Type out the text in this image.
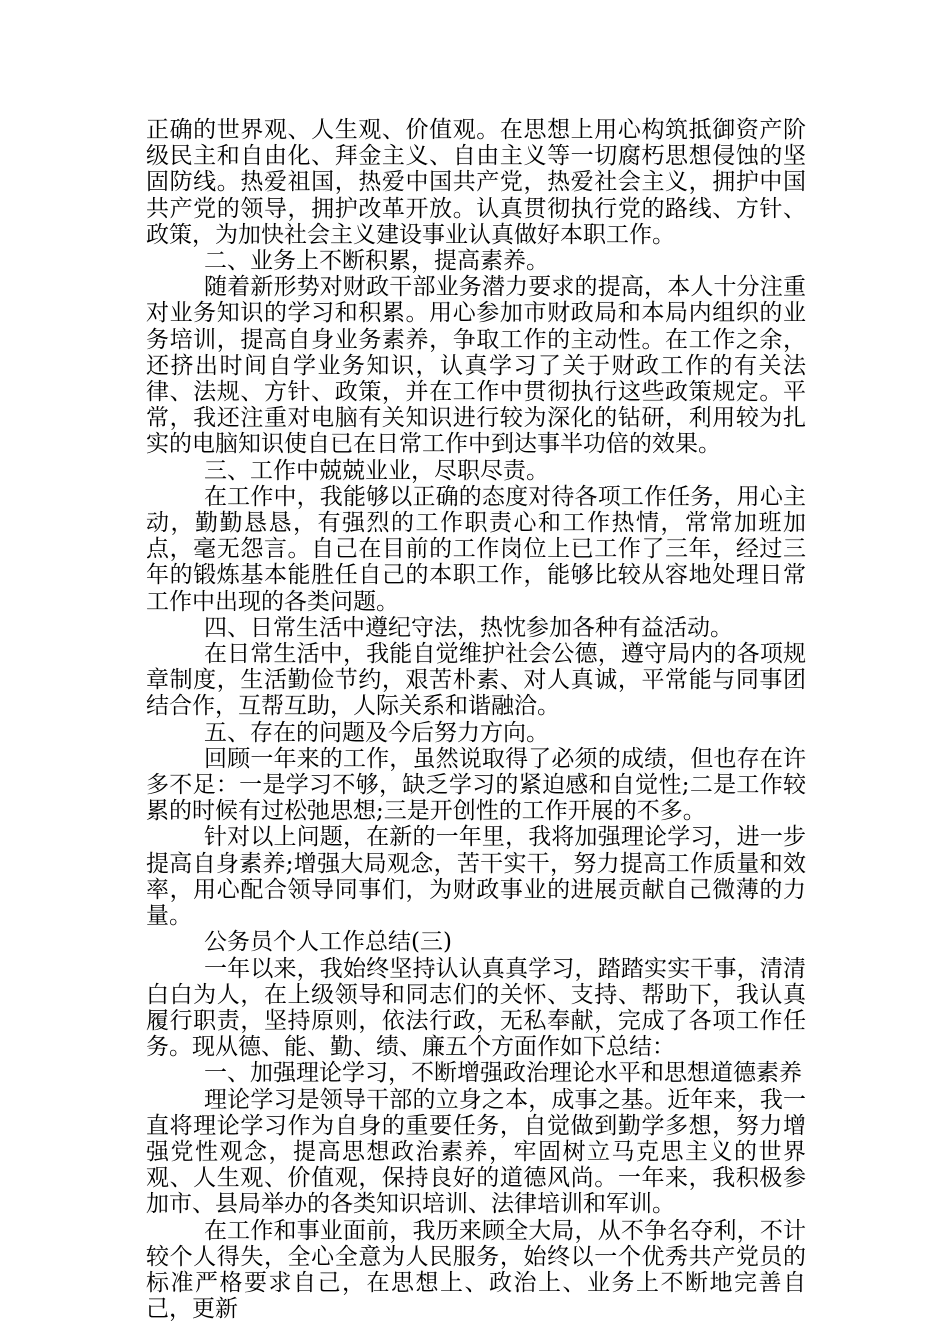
正确的世界观、人生观、价值观。在思想上用心构筑抵御资产阶级民主和自由化、拜金主义、自由主义等一切腐朽思想侵蚀的坚固防线。热爱祖国，热爱中国共产党，热爱社会主义，拥护中国共产党的领导，拥护改革开放。认真贯彻执行党的路线、方针、政策，为加快社会主义建设事业认真做好本职工作。

二、业务上不断积累，提高素养。

随着新形势对财政干部业务潜力要求的提高，本人十分注重对业务知识的学习和积累。用心参加市财政局和本局内组织的业务培训，提高自身业务素养，争取工作的主动性。在工作之余，还挤出时间自学业务知识，认真学习了关于财政工作的有关法律、法规、方针、政策，并在工作中贯彻执行这些政策规定。平常，我还注重对电脑有关知识进行较为深化的钻研，利用较为扎实的电脑知识使自已在日常工作中到达事半功倍的效果。

三、工作中兢兢业业，尽职尽责。

在工作中，我能够以正确的态度对待各项工作任务，用心主动，勤勤恳恳，有强烈的工作职责心和工作热情，常常加班加点，毫无怨言。自己在目前的工作岗位上已工作了三年，经过三年的锻炼基本能胜任自己的本职工作，能够比较从容地处理日常工作中出现的各类问题。

四、日常生活中遵纪守法，热忱参加各种有益活动。

在日常生活中，我能自觉维护社会公德，遵守局内的各项规章制度，生活勤俭节约，艰苦朴素、对人真诚，平常能与同事团结合作，互帮互助，人际关系和谐融洽。

五、存在的问题及今后努力方向。

回顾一年来的工作，虽然说取得了必须的成绩，但也存在许多不足：一是学习不够，缺乏学习的紧迫感和自觉性;二是工作较累的时候有过松弛思想;三是开创性的工作开展的不多。

针对以上问题，在新的一年里，我将加强理论学习，进一步提高自身素养;增强大局观念，苦干实干，努力提高工作质量和效率，用心配合领导同事们，为财政事业的进展贡献自己微薄的力量。

公务员个人工作总结(三)

一年以来，我始终坚持认认真真学习，踏踏实实干事，清清白白为人，在上级领导和同志们的关怀、支持、帮助下，我认真履行职责，坚持原则，依法行政，无私奉献，完成了各项工作任务。现从德、能、勤、绩、廉五个方面作如下总结：

一、加强理论学习，不断增强政治理论水平和思想道德素养

理论学习是领导干部的立身之本，成事之基。近年来，我一直将理论学习作为自身的重要任务，自觉做到勤学多想，努力增强党性观念，提高思想政治素养，牢固树立马克思主义的世界观、人生观、价值观，保持良好的道德风尚。一年来，我积极参加市、县局举办的各类知识培训、法律培训和军训。

在工作和事业面前，我历来顾全大局，从不争名夺利，不计较个人得失，全心全意为人民服务，始终以一个优秀共产党员的标准严格要求自己，在思想上、政治上、业务上不断地完善自己，更新
